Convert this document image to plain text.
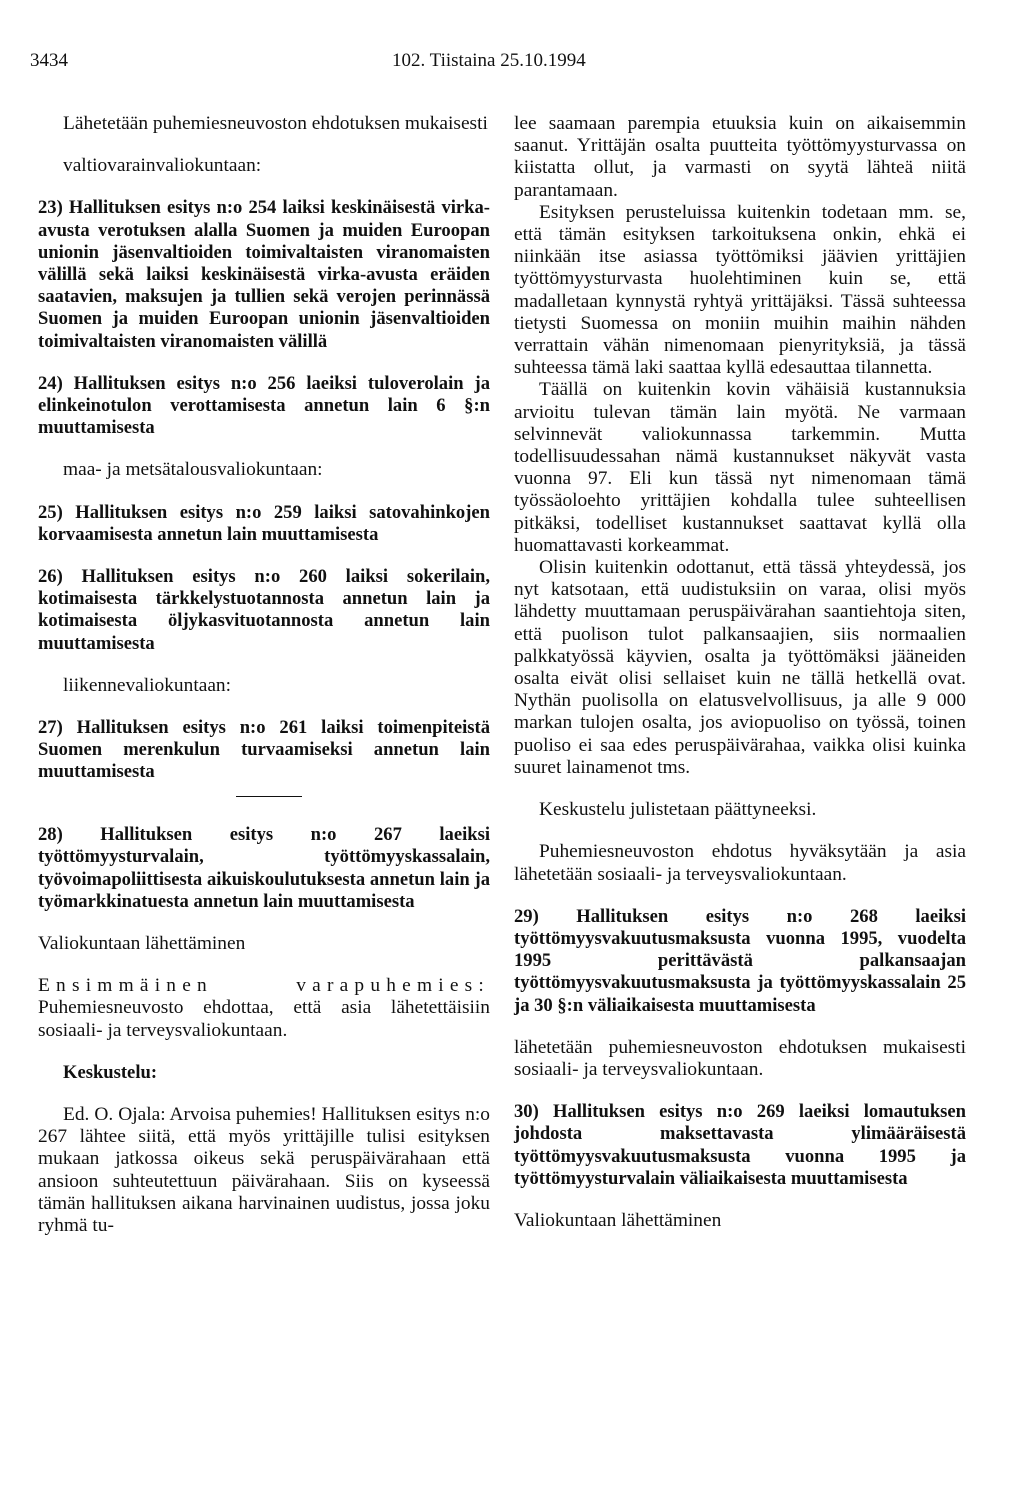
3434	102. Tiistaina 25.10.1994

Lähetetään puhemiesneuvoston ehdotuksen mukaisesti

valtiovarainvaliokuntaan:

23) Hallituksen esitys n:o 254 laiksi keskinäisestä virka-avusta verotuksen alalla Suomen ja muiden Euroopan unionin jäsenvaltioiden toimivaltaisten viranomaisten välillä sekä laiksi keskinäisestä virka-avusta eräiden saatavien, maksujen ja tullien sekä verojen perinnässä Suomen ja muiden Euroopan unionin jäsenvaltioiden toimivaltaisten viranomaisten välillä

24) Hallituksen esitys n:o 256 laeiksi tuloverolain ja elinkeinotulon verottamisesta annetun lain 6 §:n muuttamisesta

maa- ja metsätalousvaliokuntaan:

25) Hallituksen esitys n:o 259 laiksi satovahinkojen korvaamisesta annetun lain muuttamisesta

26) Hallituksen esitys n:o 260 laiksi sokerilain, kotimaisesta tärkkelystuotannosta annetun lain ja kotimaisesta öljykasvituotannosta annetun lain muuttamisesta

liikennevaliokuntaan:

27) Hallituksen esitys n:o 261 laiksi toimenpiteistä Suomen merenkulun turvaamiseksi annetun lain muuttamisesta

28) Hallituksen esitys n:o 267 laeiksi työttömyysturvalain, työttömyyskassalain, työvoimapoliittisesta aikuiskoulutuksesta annetun lain ja työmarkkinatuesta annetun lain muuttamisesta

Valiokuntaan lähettäminen

Ensimmäinen varapuhemies: Puhemiesneuvosto ehdottaa, että asia lähetettäisiin sosiaali- ja terveysvaliokuntaan.

Keskustelu:

Ed. O. Ojala: Arvoisa puhemies! Hallituksen esitys n:o 267 lähtee siitä, että myös yrittäjille tulisi esityksen mukaan jatkossa oikeus sekä peruspäivärahaan että ansioon suhteutettuun päivärahaan. Siis on kyseessä tämän hallituksen aikana harvinainen uudistus, jossa joku ryhmä tu-

lee saamaan parempia etuuksia kuin on aikaisemmin saanut. Yrittäjän osalta puutteita työttömyysturvassa on kiistatta ollut, ja varmasti on syytä lähteä niitä parantamaan.

Esityksen perusteluissa kuitenkin todetaan mm. se, että tämän esityksen tarkoituksena onkin, ehkä ei niinkään itse asiassa työttömiksi jäävien yrittäjien työttömyysturvasta huolehtiminen kuin se, että madalletaan kynnystä ryhtyä yrittäjäksi. Tässä suhteessa tietysti Suomessa on moniin muihin maihin nähden verrattain vähän nimenomaan pienyrityksiä, ja tässä suhteessa tämä laki saattaa kyllä edesauttaa tilannetta.

Täällä on kuitenkin kovin vähäisiä kustannuksia arvioitu tulevan tämän lain myötä. Ne varmaan selvinnevät valiokunnassa tarkemmin. Mutta todellisuudessahan nämä kustannukset näkyvät vasta vuonna 97. Eli kun tässä nyt nimenomaan tämä työssäoloehto yrittäjien kohdalla tulee suhteellisen pitkäksi, todelliset kustannukset saattavat kyllä olla huomattavasti korkeammat.

Olisin kuitenkin odottanut, että tässä yhteydessä, jos nyt katsotaan, että uudistuksiin on varaa, olisi myös lähdetty muuttamaan peruspäivärahan saantiehtoja siten, että puolison tulot palkansaajien, siis normaalien palkkatyössä käyvien, osalta ja työttömäksi jääneiden osalta eivät olisi sellaiset kuin ne tällä hetkellä ovat. Nythän puolisolla on elatusvelvollisuus, ja alle 9 000 markan tulojen osalta, jos aviopuoliso on työssä, toinen puoliso ei saa edes peruspäivärahaa, vaikka olisi kuinka suuret lainamenot tms.

Keskustelu julistetaan päättyneeksi.

Puhemiesneuvoston ehdotus hyväksytään ja asia lähetetään sosiaali- ja terveysvaliokuntaan.

29) Hallituksen esitys n:o 268 laeiksi työttömyysvakuutusmaksusta vuonna 1995, vuodelta 1995 perittävästä palkansaajan työttömyysvakuutusmaksusta ja työttömyyskassalain 25 ja 30 §:n väliaikaisesta muuttamisesta

lähetetään puhemiesneuvoston ehdotuksen mukaisesti sosiaali- ja terveysvaliokuntaan.

30) Hallituksen esitys n:o 269 laeiksi lomautuksen johdosta maksettavasta ylimääräisestä työttömyysvakuutusmaksusta vuonna 1995 ja työttömyysturvalain väliaikaisesta muuttamisesta

Valiokuntaan lähettäminen
